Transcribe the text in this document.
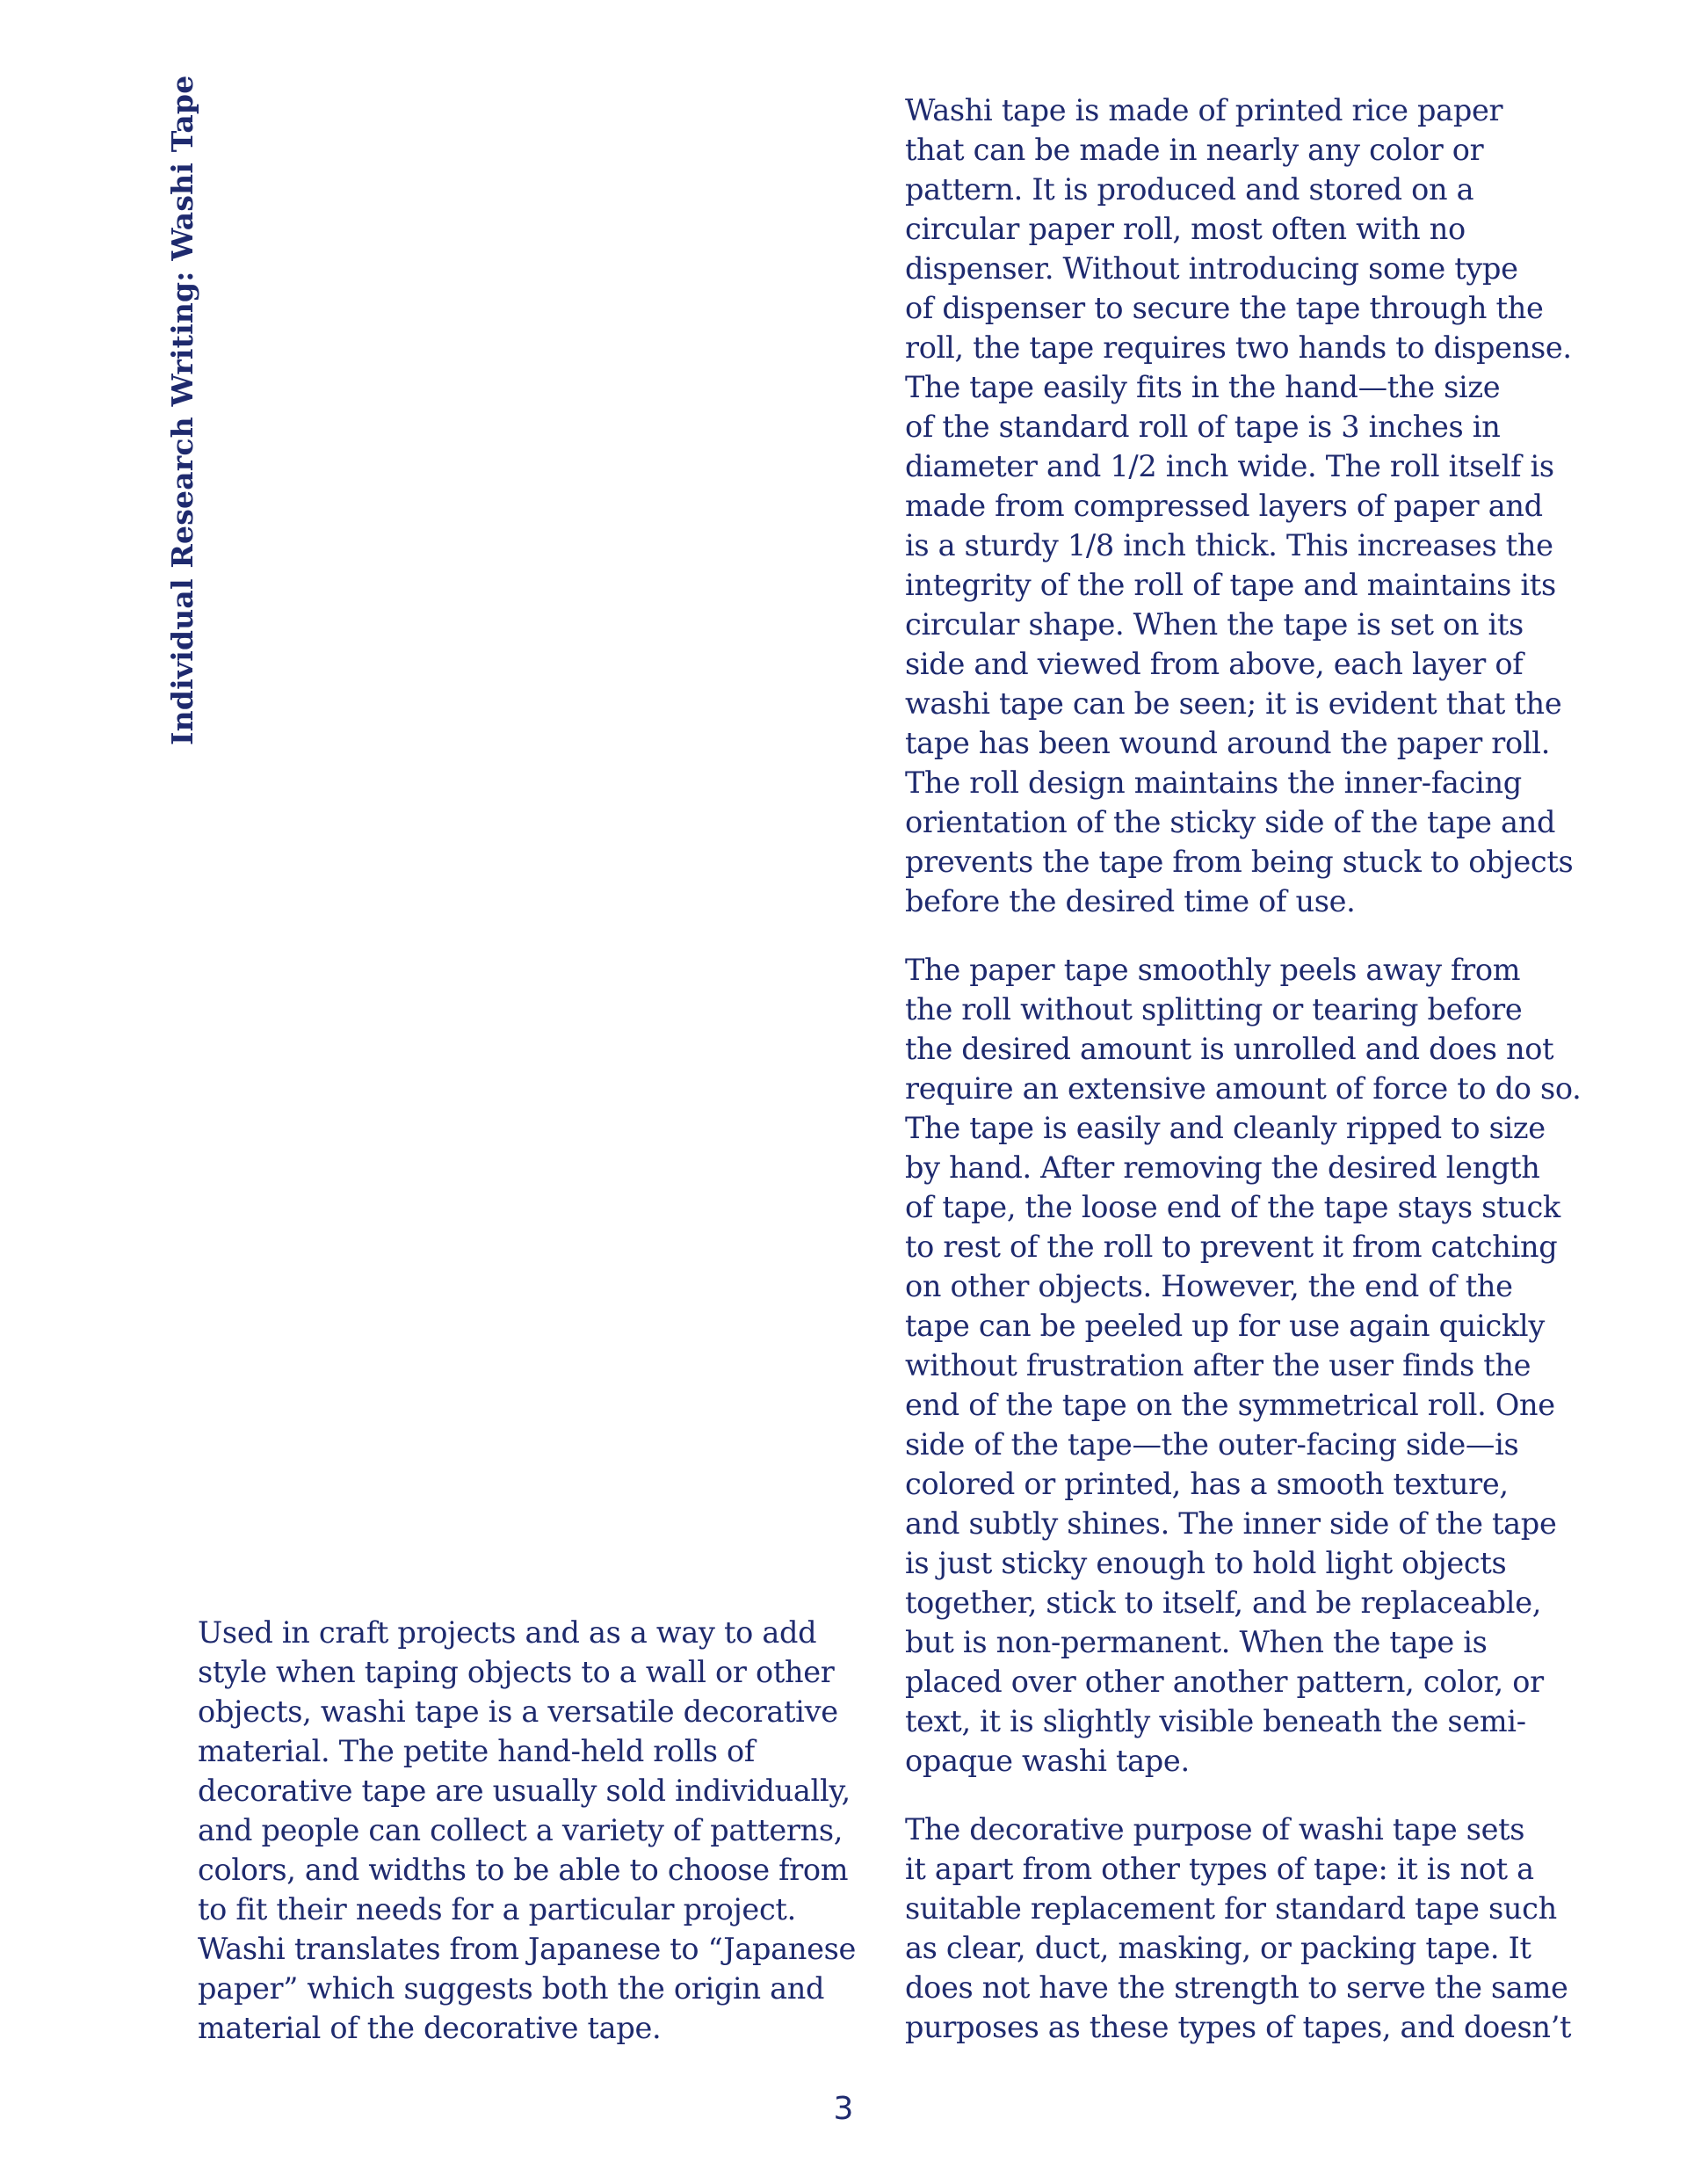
Individual Research Writing: Washi Tape

Used in craft projects and as a way to add
style when taping objects to a wall or other
objects, washi tape is a versatile decorative
material. The petite hand-held rolls of
decorative tape are usually sold individually,
and people can collect a variety of patterns,
colors, and widths to be able to choose from
to fit their needs for a particular project.
Washi translates from Japanese to “Japanese
paper” which suggests both the origin and
material of the decorative tape.

Washi tape is made of printed rice paper
that can be made in nearly any color or
pattern. It is produced and stored on a
circular paper roll, most often with no
dispenser. Without introducing some type
of dispenser to secure the tape through the
roll, the tape requires two hands to dispense.
The tape easily fits in the hand—the size
of the standard roll of tape is 3 inches in
diameter and 1/2 inch wide. The roll itself is
made from compressed layers of paper and
is a sturdy 1/8 inch thick. This increases the
integrity of the roll of tape and maintains its
circular shape. When the tape is set on its
side and viewed from above, each layer of
washi tape can be seen; it is evident that the
tape has been wound around the paper roll.
The roll design maintains the inner-facing
orientation of the sticky side of the tape and
prevents the tape from being stuck to objects
before the desired time of use.

The paper tape smoothly peels away from
the roll without splitting or tearing before
the desired amount is unrolled and does not
require an extensive amount of force to do so.
The tape is easily and cleanly ripped to size
by hand. After removing the desired length
of tape, the loose end of the tape stays stuck
to rest of the roll to prevent it from catching
on other objects. However, the end of the
tape can be peeled up for use again quickly
without frustration after the user finds the
end of the tape on the symmetrical roll. One
side of the tape—the outer-facing side—is
colored or printed, has a smooth texture,
and subtly shines. The inner side of the tape
is just sticky enough to hold light objects
together, stick to itself, and be replaceable,
but is non-permanent. When the tape is
placed over other another pattern, color, or
text, it is slightly visible beneath the semi-
opaque washi tape.

The decorative purpose of washi tape sets
it apart from other types of tape: it is not a
suitable replacement for standard tape such
as clear, duct, masking, or packing tape. It
does not have the strength to serve the same
purposes as these types of tapes, and doesn’t

3
